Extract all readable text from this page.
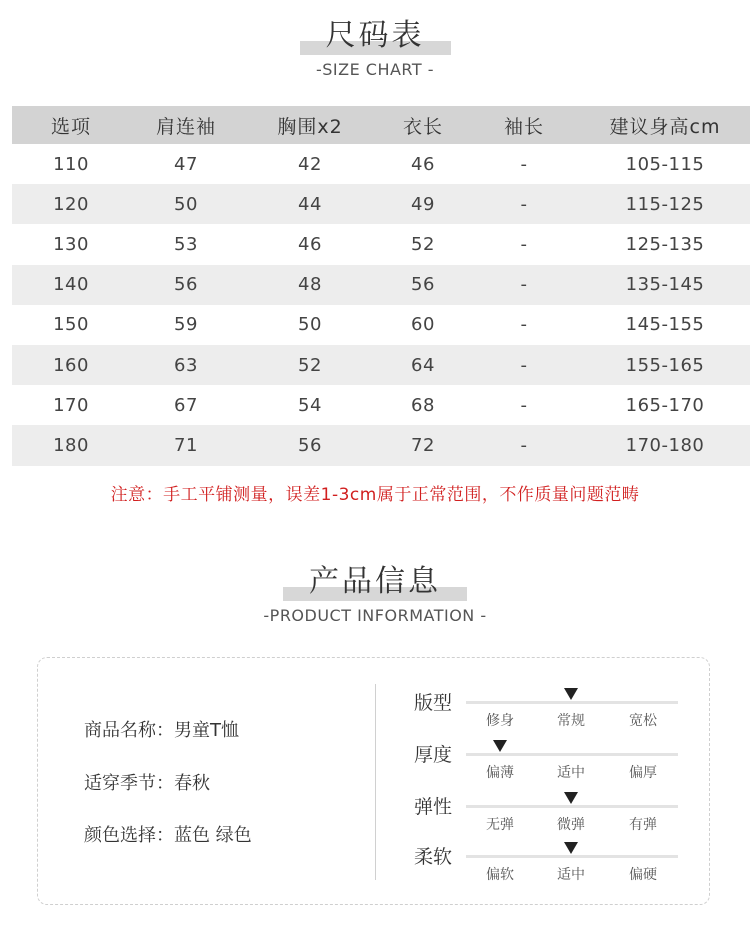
尺码表
-SIZE CHART -
选项	肩连袖	胸围x2	衣长	袖长	建议身高cm
110	47	42	46	-	105-115
120	50	44	49	-	115-125
130	53	46	52	-	125-135
140	56	48	56	-	135-145
150	59	50	60	-	145-155
160	63	52	64	-	155-165
170	67	54	68	-	165-170
180	71	56	72	-	170-180
注意：手工平铺测量，误差1-3cm属于正常范围，不作质量问题范畴
产品信息
-PRODUCT INFORMATION -
商品名称：男童T恤
适穿季节：春秋
颜色选择：蓝色 绿色
版型
修身	常规	宽松
厚度
偏薄	适中	偏厚
弹性
无弹	微弹	有弹
柔软
偏软	适中	偏硬
